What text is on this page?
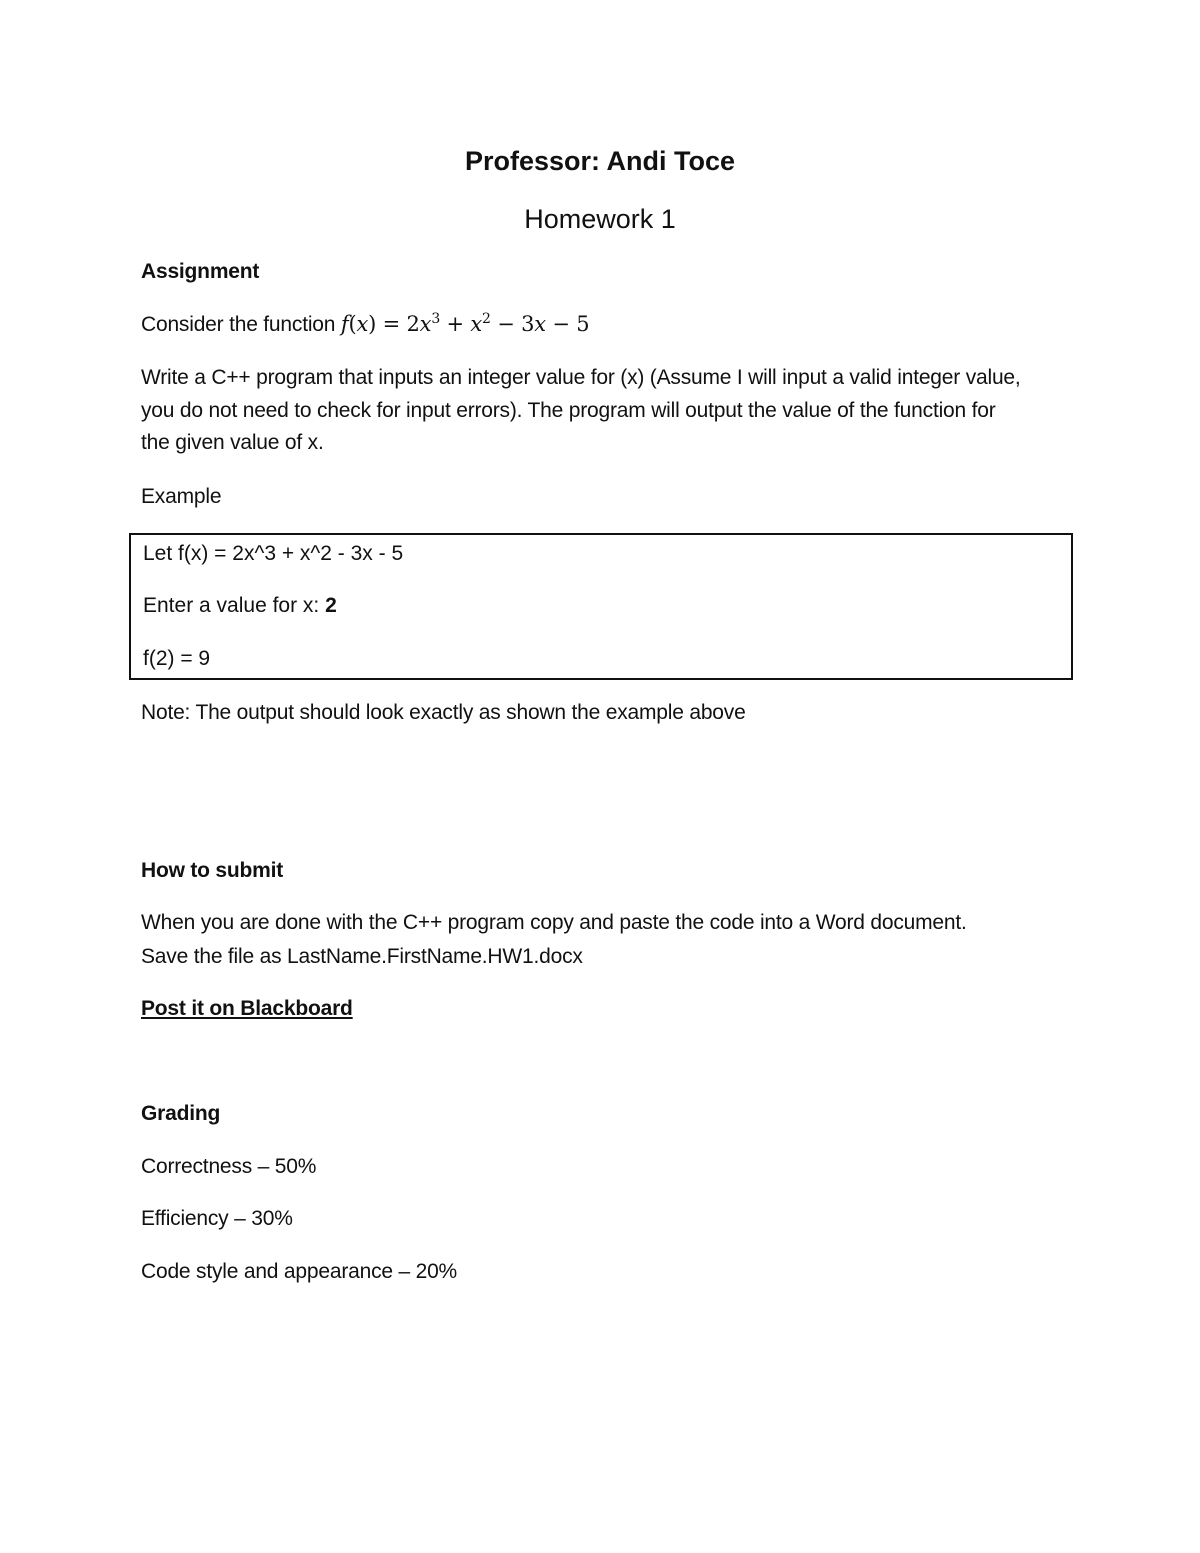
Professor: Andi Toce
Homework 1
Assignment
Consider the function $f(x) = 2x^3 + x^2 - 3x - 5$
Write a C++ program that inputs an integer value for (x) (Assume I will input a valid integer value, you do not need to check for input errors). The program will output the value of the function for the given value of x.
Example
Let f(x) = 2x^3 + x^2 - 3x - 5
Enter a value for x: 2
f(2) = 9
Note: The output should look exactly as shown the example above
How to submit
When you are done with the C++ program copy and paste the code into a Word document.
Save the file as LastName.FirstName.HW1.docx
Post it on Blackboard
Grading
Correctness – 50%
Efficiency – 30%
Code style and appearance – 20%
